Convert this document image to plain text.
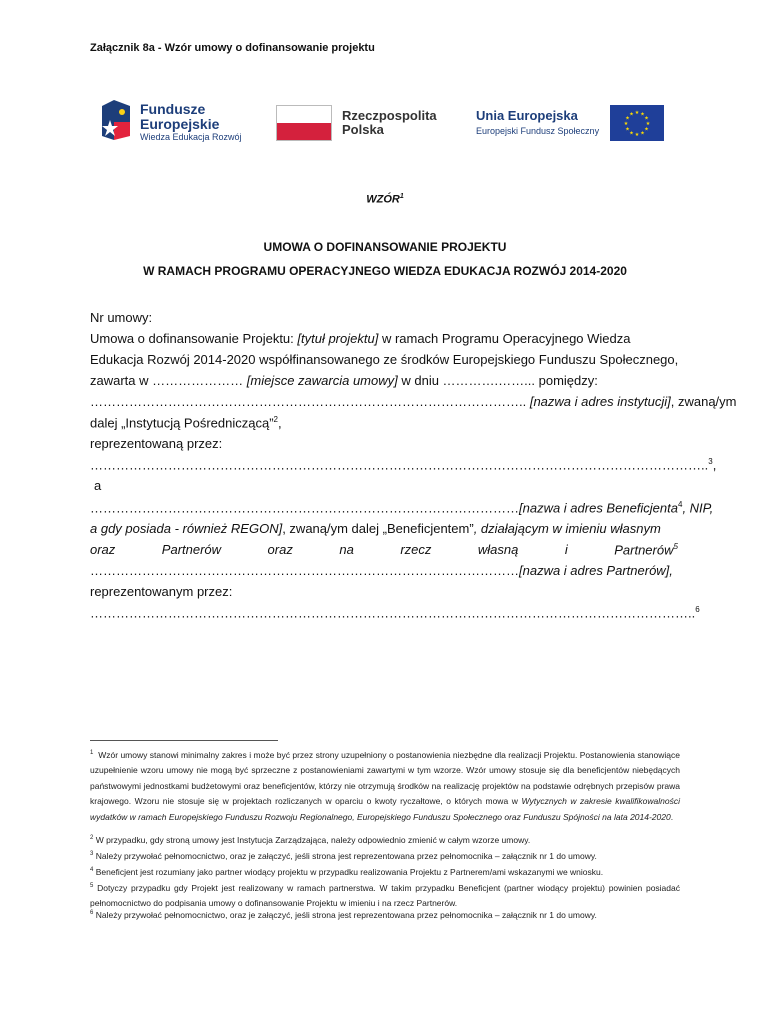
Załącznik 8a - Wzór umowy o dofinansowanie projektu
Fundusze
Europejskie
Wiedza Edukacja Rozwój
Rzeczpospolita
Polska
Unia Europejska
Europejski Fundusz Społeczny
★ ★
★
★
★
★
★
★
★
★
★
★
WZÓR$^1$
UMOWA O DOFINANSOWANIE PROJEKTU
W RAMACH PROGRAMU OPERACYJNEGO WIEDZA EDUKACJA ROZWÓJ 2014-2020
Nr umowy:
Umowa o dofinansowanie Projektu: [tytuł projektu] w ramach Programu Operacyjnego Wiedza
Edukacja Rozwój 2014-2020 współfinansowanego ze środków Europejskiego Funduszu Społecznego,
zawarta w ………………… [miejsce zawarcia umowy] w dniu ………….……... pomiędzy:
……………………………………………………………………………………….. [nazwa i adres instytucji], zwaną/ym
dalej „Instytucją Pośredniczącą”$^2$,
reprezentowaną przez:
……………………………………………………………………………………………………………………………..$^3$,
a
………………………………………………………………………………………[nazwa i adres Beneficjenta$^4$, NIP,
a gdy posiada - również REGON], zwaną/ym dalej „Beneficjentem”, działającym w imieniu własnym
oraz	Partnerów	oraz	na	rzecz	własną	i	Partnerów$^5$
………………………………………………………………………………………[nazwa i adres Partnerów],
reprezentowanym przez:
…………………………………………………………………………………………………………………………..$^6$
$^1$ Wzór umowy stanowi minimalny zakres i może być przez strony uzupełniony o postanowienia niezbędne dla realizacji Projektu. Postanowienia stanowiące uzupełnienie wzoru umowy nie mogą być sprzeczne z postanowieniami zawartymi w tym wzorze. Wzór umowy stosuje się dla beneficjentów niebędących państwowymi jednostkami budżetowymi oraz beneficjentów, którzy nie otrzymują środków na realizację projektów na podstawie odrębnych przepisów prawa krajowego. Wzoru nie stosuje się w projektach rozliczanych w oparciu o kwoty ryczałtowe, o których mowa w Wytycznych w zakresie kwalifikowalności wydatków w ramach Europejskiego Funduszu Rozwoju Regionalnego, Europejskiego Funduszu Społecznego oraz Funduszu Spójności na lata 2014-2020.
$^2$ W przypadku, gdy stroną umowy jest Instytucja Zarządzająca, należy odpowiednio zmienić w całym wzorze umowy.
$^3$ Należy przywołać pełnomocnictwo, oraz je załączyć, jeśli strona jest reprezentowana przez pełnomocnika – załącznik nr 1 do umowy.
$^4$ Beneficjent jest rozumiany jako partner wiodący projektu w przypadku realizowania Projektu z Partnerem/ami wskazanymi we wniosku.
$^5$ Dotyczy przypadku gdy Projekt jest realizowany w ramach partnerstwa. W takim przypadku Beneficjent (partner wiodący projektu) powinien posiadać pełnomocnictwo do podpisania umowy o dofinansowanie Projektu w imieniu i na rzecz Partnerów.
$^6$ Należy przywołać pełnomocnictwo, oraz je załączyć, jeśli strona jest reprezentowana przez pełnomocnika – załącznik nr 1 do umowy.
